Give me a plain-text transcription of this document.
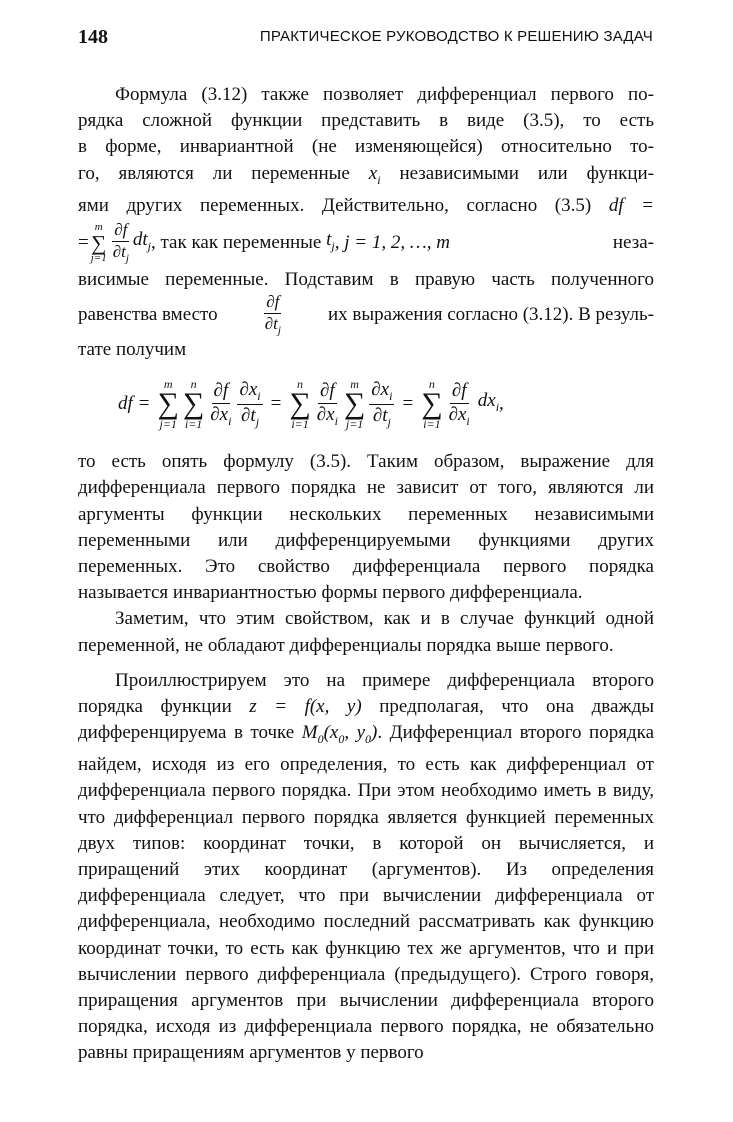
148	ПРАКТИЧЕСКОЕ РУКОВОДСТВО К РЕШЕНИЮ ЗАДАЧ
Формула (3.12) также позволяет дифференциал первого по-
рядка сложной функции представить в виде (3.5), то есть
в форме, инвариантной (не изменяющейся) относительно то-
го, являются ли переменные $x_i$ независимыми или функци-
ями других переменных. Действительно, согласно (3.5) df =
=
m
∑
$j=1 \frac{\partial f}{\partial t_j} dt_j$ , так как переменные
$t_j$ , j = 1, 2, …, m	неза-
висимые переменные. Подставим в правую часть полученного
равенства вместо	$\frac{\partial f}{\partial t_j}$ их выражения согласно (3.12). В резуль-
тате получим
df =
m
∑
j=1
n
∑
$i=1 \frac{\partial f}{\partial x_i} \frac{\partial x_i}{\partial t_j}$ =
n
∑
$i=1 \frac{\partial f}{\partial x_i}$ m
∑
$j=1 \frac{\partial x_i}{\partial t_j}$ =
n
∑
$i=1 \frac{\partial f}{\partial x_i} dx_i$ ,

то есть опять формулу (3.5). Таким образом, выражение для дифференциала первого порядка не зависит от того, являются ли аргументы функции нескольких переменных независимыми переменными или дифференцируемыми функциями других переменных. Это свойство дифференциала первого порядка называется инвариантностью формы первого дифференциала.

Заметим, что этим свойством, как и в случае функций одной переменной, не обладают дифференциалы порядка выше первого.

Проиллюстрируем это на примере дифференциала второго порядка функции z = f(x, y) предполагая, что она дважды дифференцируема в точке $M_0(x_0$, $y_0$). Дифференциал второго порядка найдем, исходя из его определения, то есть как дифференциал от дифференциала первого порядка. При этом необходимо иметь в виду, что дифференциал первого порядка является функцией переменных двух типов: координат точки, в которой он вычисляется, и приращений этих координат (аргументов). Из определения дифференциала следует, что при вычислении дифференциала от дифференциала, необходимо последний рассматривать как функцию координат точки, то есть как функцию тех же аргументов, что и при вычислении первого дифференциала (предыдущего). Строго говоря, приращения аргументов при вычислении дифференциала второго порядка, исходя из дифференциала первого порядка, не обязательно равны приращениям аргументов у первого
